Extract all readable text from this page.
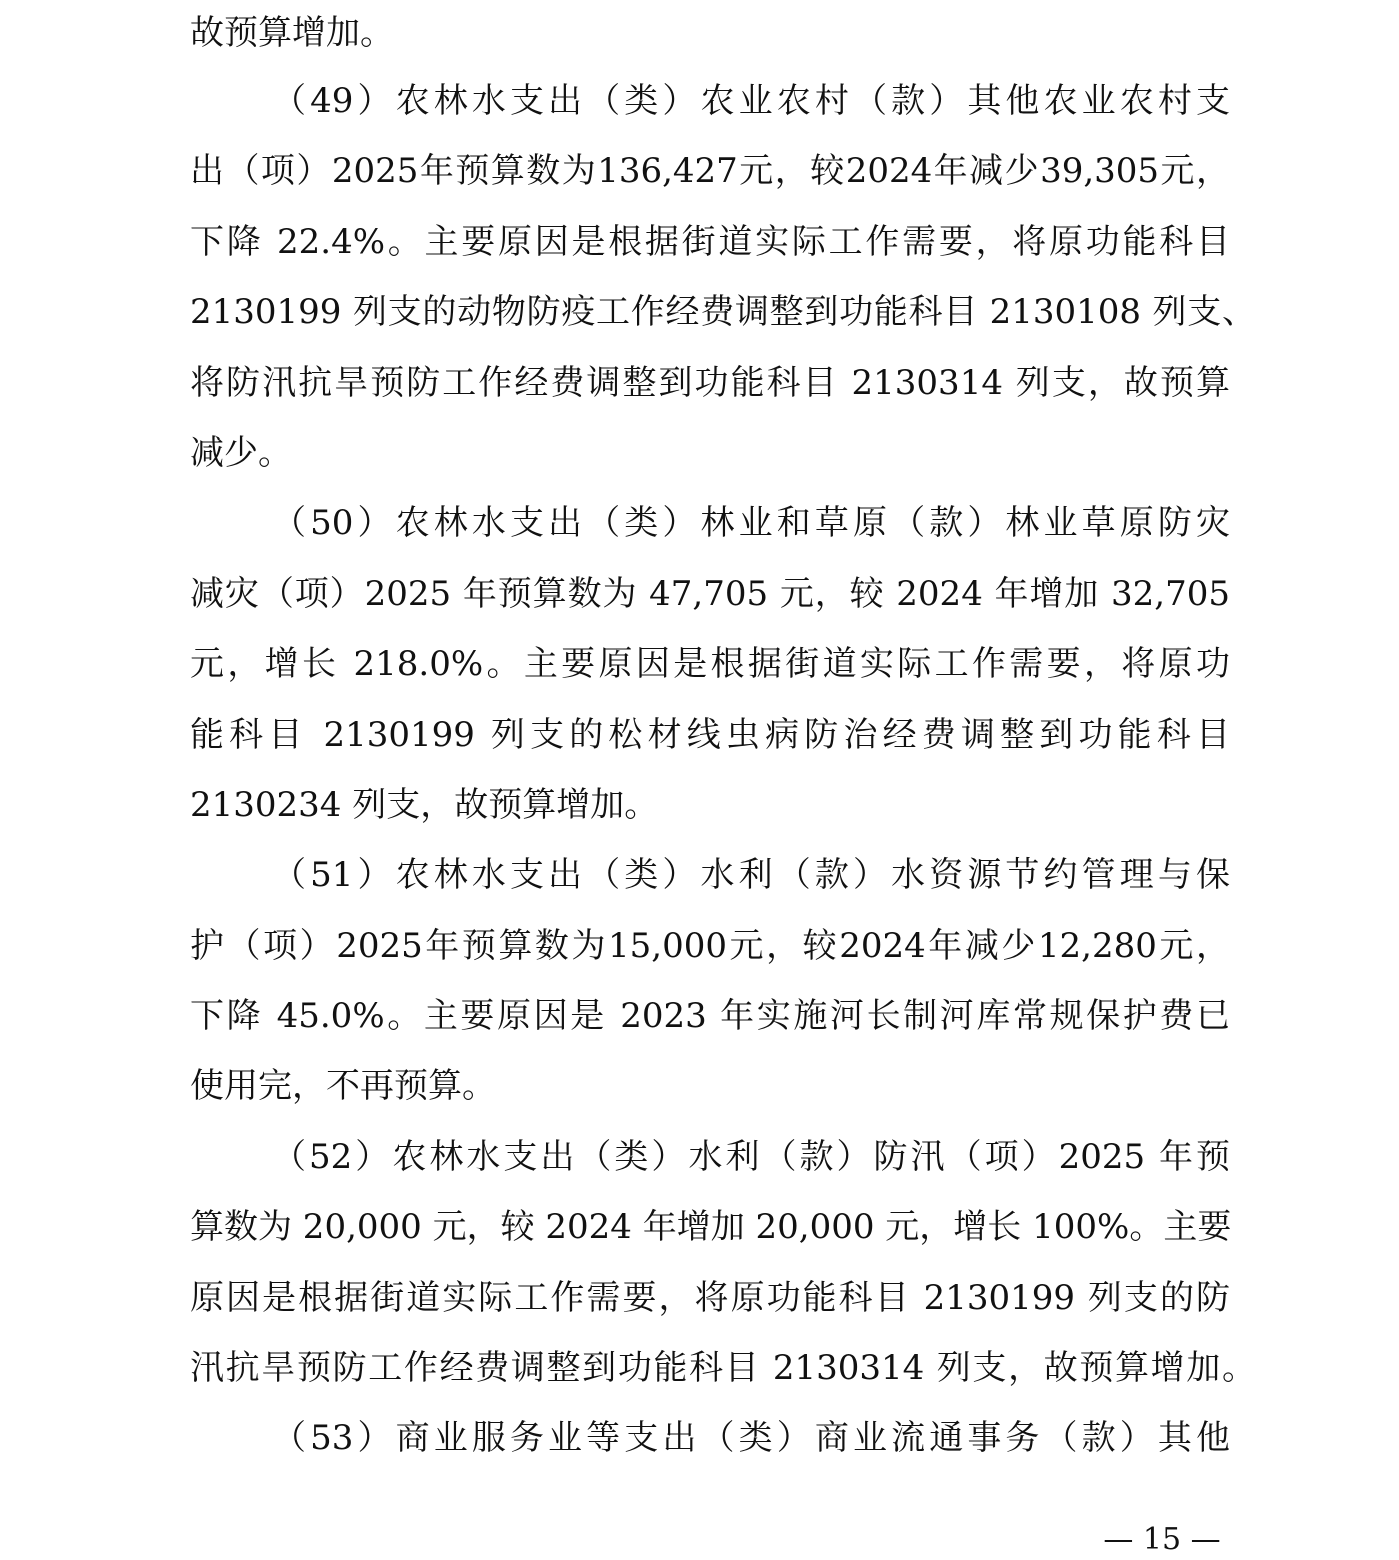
故预算增加。
（49）农林水支出（类）农业农村（款）其他农业农村支
出（项）2025年预算数为136,427元，较2024年减少39,305元，
下降 22.4%。主要原因是根据街道实际工作需要，将原功能科目
2130199 列支的动物防疫工作经费调整到功能科目 2130108 列支、
将防汛抗旱预防工作经费调整到功能科目 2130314 列支，故预算
减少。
（50）农林水支出（类）林业和草原（款）林业草原防灾
减灾（项）2025 年预算数为 47,705 元，较 2024 年增加 32,705
元，增长 218.0%。主要原因是根据街道实际工作需要，将原功
能科目 2130199 列支的松材线虫病防治经费调整到功能科目
2130234 列支，故预算增加。
（51）农林水支出（类）水利（款）水资源节约管理与保
护（项）2025年预算数为15,000元，较2024年减少12,280元，
下降 45.0%。主要原因是 2023 年实施河长制河库常规保护费已
使用完，不再预算。
（52）农林水支出（类）水利（款）防汛（项）2025 年预
算数为 20,000 元，较 2024 年增加 20,000 元，增长 100%。主要
原因是根据街道实际工作需要，将原功能科目 2130199 列支的防
汛抗旱预防工作经费调整到功能科目 2130314 列支，故预算增加。
（53）商业服务业等支出（类）商业流通事务（款）其他
— 15 —
